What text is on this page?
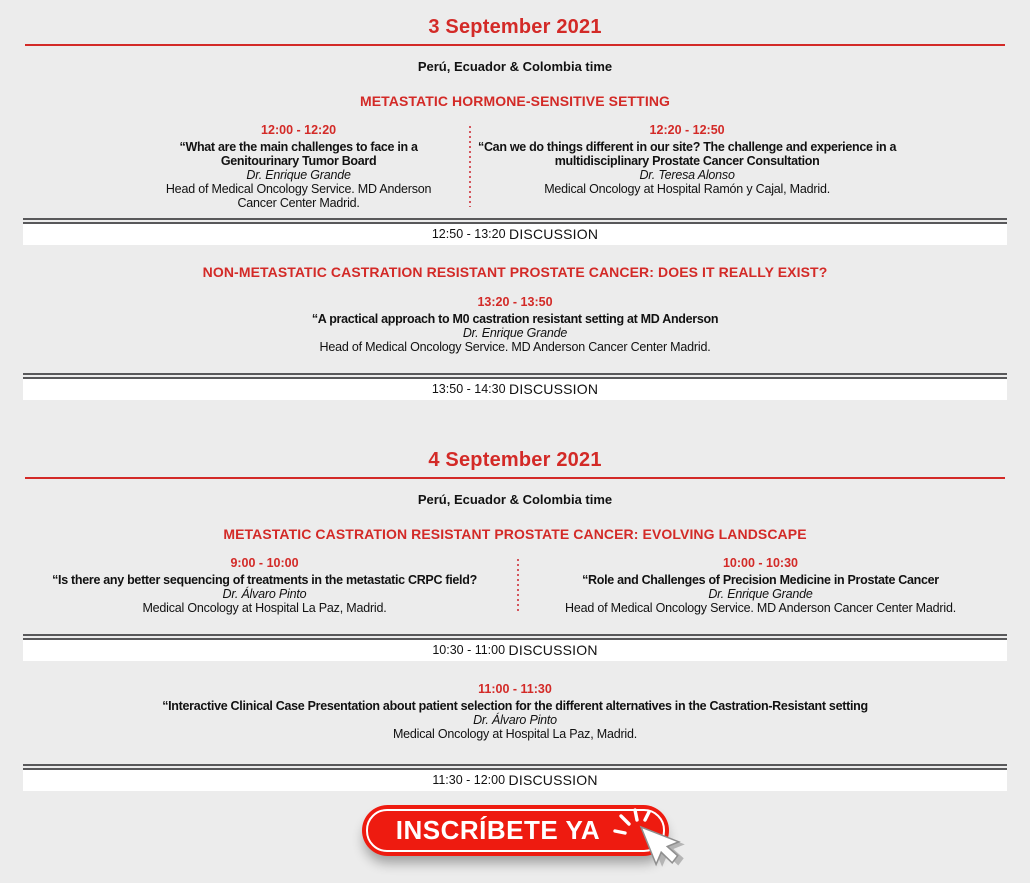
3 September 2021
Perú, Ecuador & Colombia time
METASTATIC HORMONE-SENSITIVE SETTING
12:00 - 12:20
“What are the main challenges to face in a Genitourinary Tumor Board
Dr. Enrique Grande
Head of Medical Oncology Service. MD Anderson Cancer Center Madrid.
12:20 - 12:50
“Can we do things different in our site? The challenge and experience in a multidisciplinary Prostate Cancer Consultation
Dr. Teresa Alonso
Medical Oncology at Hospital Ramón y Cajal, Madrid.
12:50 - 13:20
DISCUSSION
NON-METASTATIC CASTRATION RESISTANT PROSTATE CANCER: DOES IT REALLY EXIST?
13:20 - 13:50
“A practical approach to M0 castration resistant setting at MD Anderson
Dr. Enrique Grande
Head of Medical Oncology Service. MD Anderson Cancer Center Madrid.
13:50 - 14:30
DISCUSSION
4 September 2021
Perú, Ecuador & Colombia time
METASTATIC CASTRATION RESISTANT PROSTATE CANCER: EVOLVING LANDSCAPE
9:00 - 10:00
“Is there any better sequencing of treatments in the metastatic CRPC field?
Dr. Álvaro Pinto
Medical Oncology at Hospital La Paz, Madrid.
10:00 - 10:30
“Role and Challenges of Precision Medicine in Prostate Cancer
Dr. Enrique Grande
Head of Medical Oncology Service. MD Anderson Cancer Center Madrid.
10:30 - 11:00
DISCUSSION
11:00 - 11:30
“Interactive Clinical Case Presentation about patient selection for the different alternatives in the Castration-Resistant setting
Dr. Álvaro Pinto
Medical Oncology at Hospital La Paz, Madrid.
11:30 - 12:00
DISCUSSION
INSCRÍBETE YA
